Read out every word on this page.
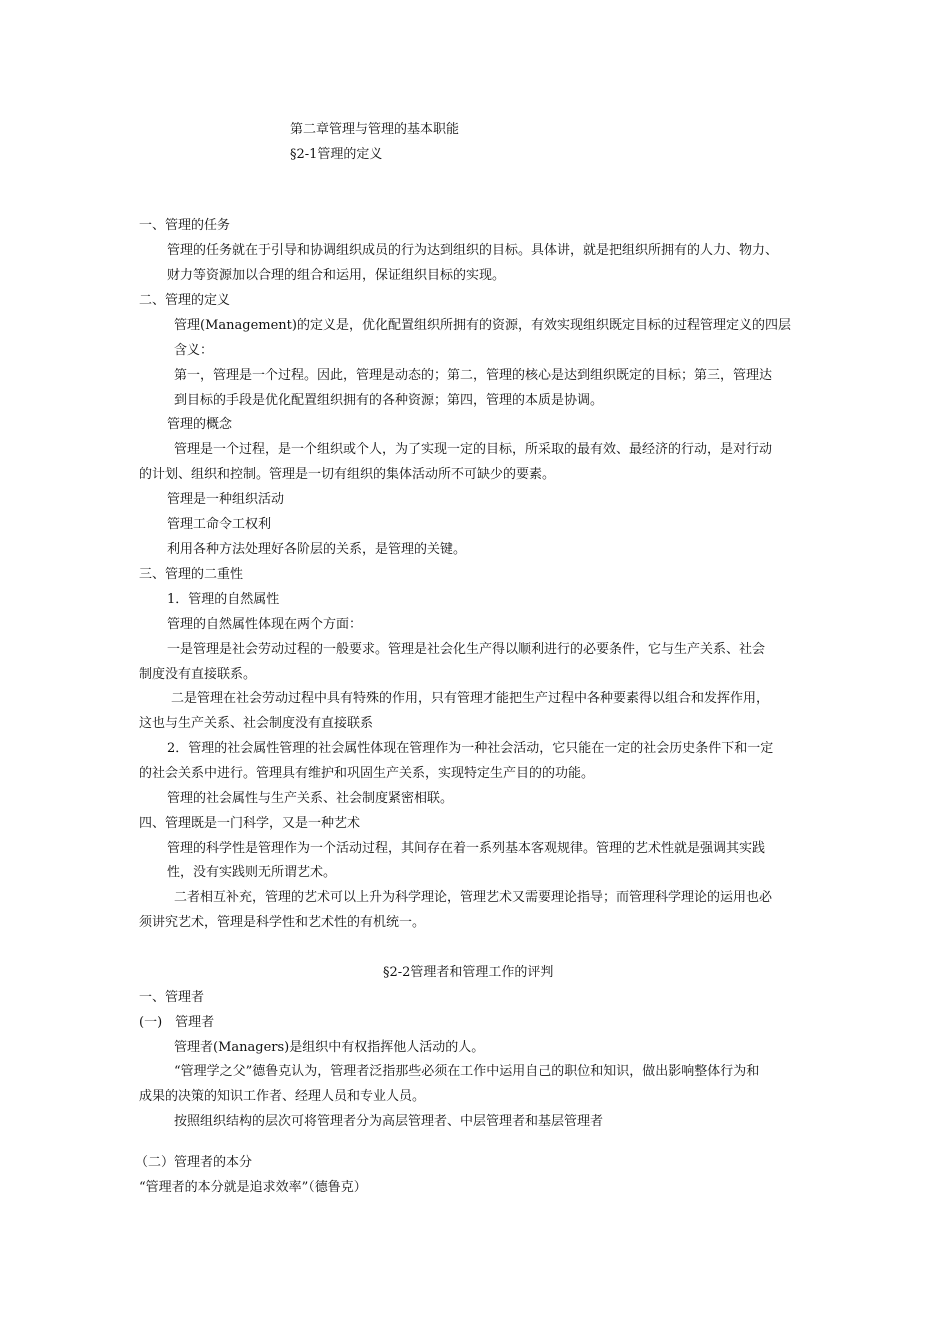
第二章管理与管理的基本职能
§2-1管理的定义
一、管理的任务
管理的任务就在于引导和协调组织成员的行为达到组织的目标。具体讲，就是把组织所拥有的人力、物力、
财力等资源加以合理的组合和运用，保证组织目标的实现。
二、管理的定义
管理(Management)的定义是，优化配置组织所拥有的资源，有效实现组织既定目标的过程管理定义的四层
含义：
第一，管理是一个过程。因此，管理是动态的；第二，管理的核心是达到组织既定的目标；第三，管理达
到目标的手段是优化配置组织拥有的各种资源；第四，管理的本质是协调。
管理的概念
管理是一个过程，是一个组织或个人，为了实现一定的目标，所采取的最有效、最经济的行动，是对行动
的计划、组织和控制。管理是一切有组织的集体活动所不可缺少的要素。
管理是一种组织活动
管理工命令工权利
利用各种方法处理好各阶层的关系，是管理的关键。
三、管理的二重性
1．管理的自然属性
管理的自然属性体现在两个方面：
一是管理是社会劳动过程的一般要求。管理是社会化生产得以顺利进行的必要条件，它与生产关系、社会
制度没有直接联系。
二是管理在社会劳动过程中具有特殊的作用，只有管理才能把生产过程中各种要素得以组合和发挥作用，
这也与生产关系、社会制度没有直接联系
2．管理的社会属性管理的社会属性体现在管理作为一种社会活动，它只能在一定的社会历史条件下和一定
的社会关系中进行。管理具有维护和巩固生产关系，实现特定生产目的的功能。
管理的社会属性与生产关系、社会制度紧密相联。
四、管理既是一门科学，又是一种艺术
管理的科学性是管理作为一个活动过程，其间存在着一系列基本客观规律。管理的艺术性就是强调其实践
性，没有实践则无所谓艺术。
二者相互补充，管理的艺术可以上升为科学理论，管理艺术又需要理论指导；而管理科学理论的运用也必
须讲究艺术，管理是科学性和艺术性的有机统一。
§2-2管理者和管理工作的评判
一、管理者
(一)　管理者
管理者(Managers)是组织中有权指挥他人活动的人。
“管理学之父”德鲁克认为，管理者泛指那些必须在工作中运用自己的职位和知识，做出影响整体行为和
成果的决策的知识工作者、经理人员和专业人员。
按照组织结构的层次可将管理者分为高层管理者、中层管理者和基层管理者
（二）管理者的本分
“管理者的本分就是追求效率”（德鲁克）
